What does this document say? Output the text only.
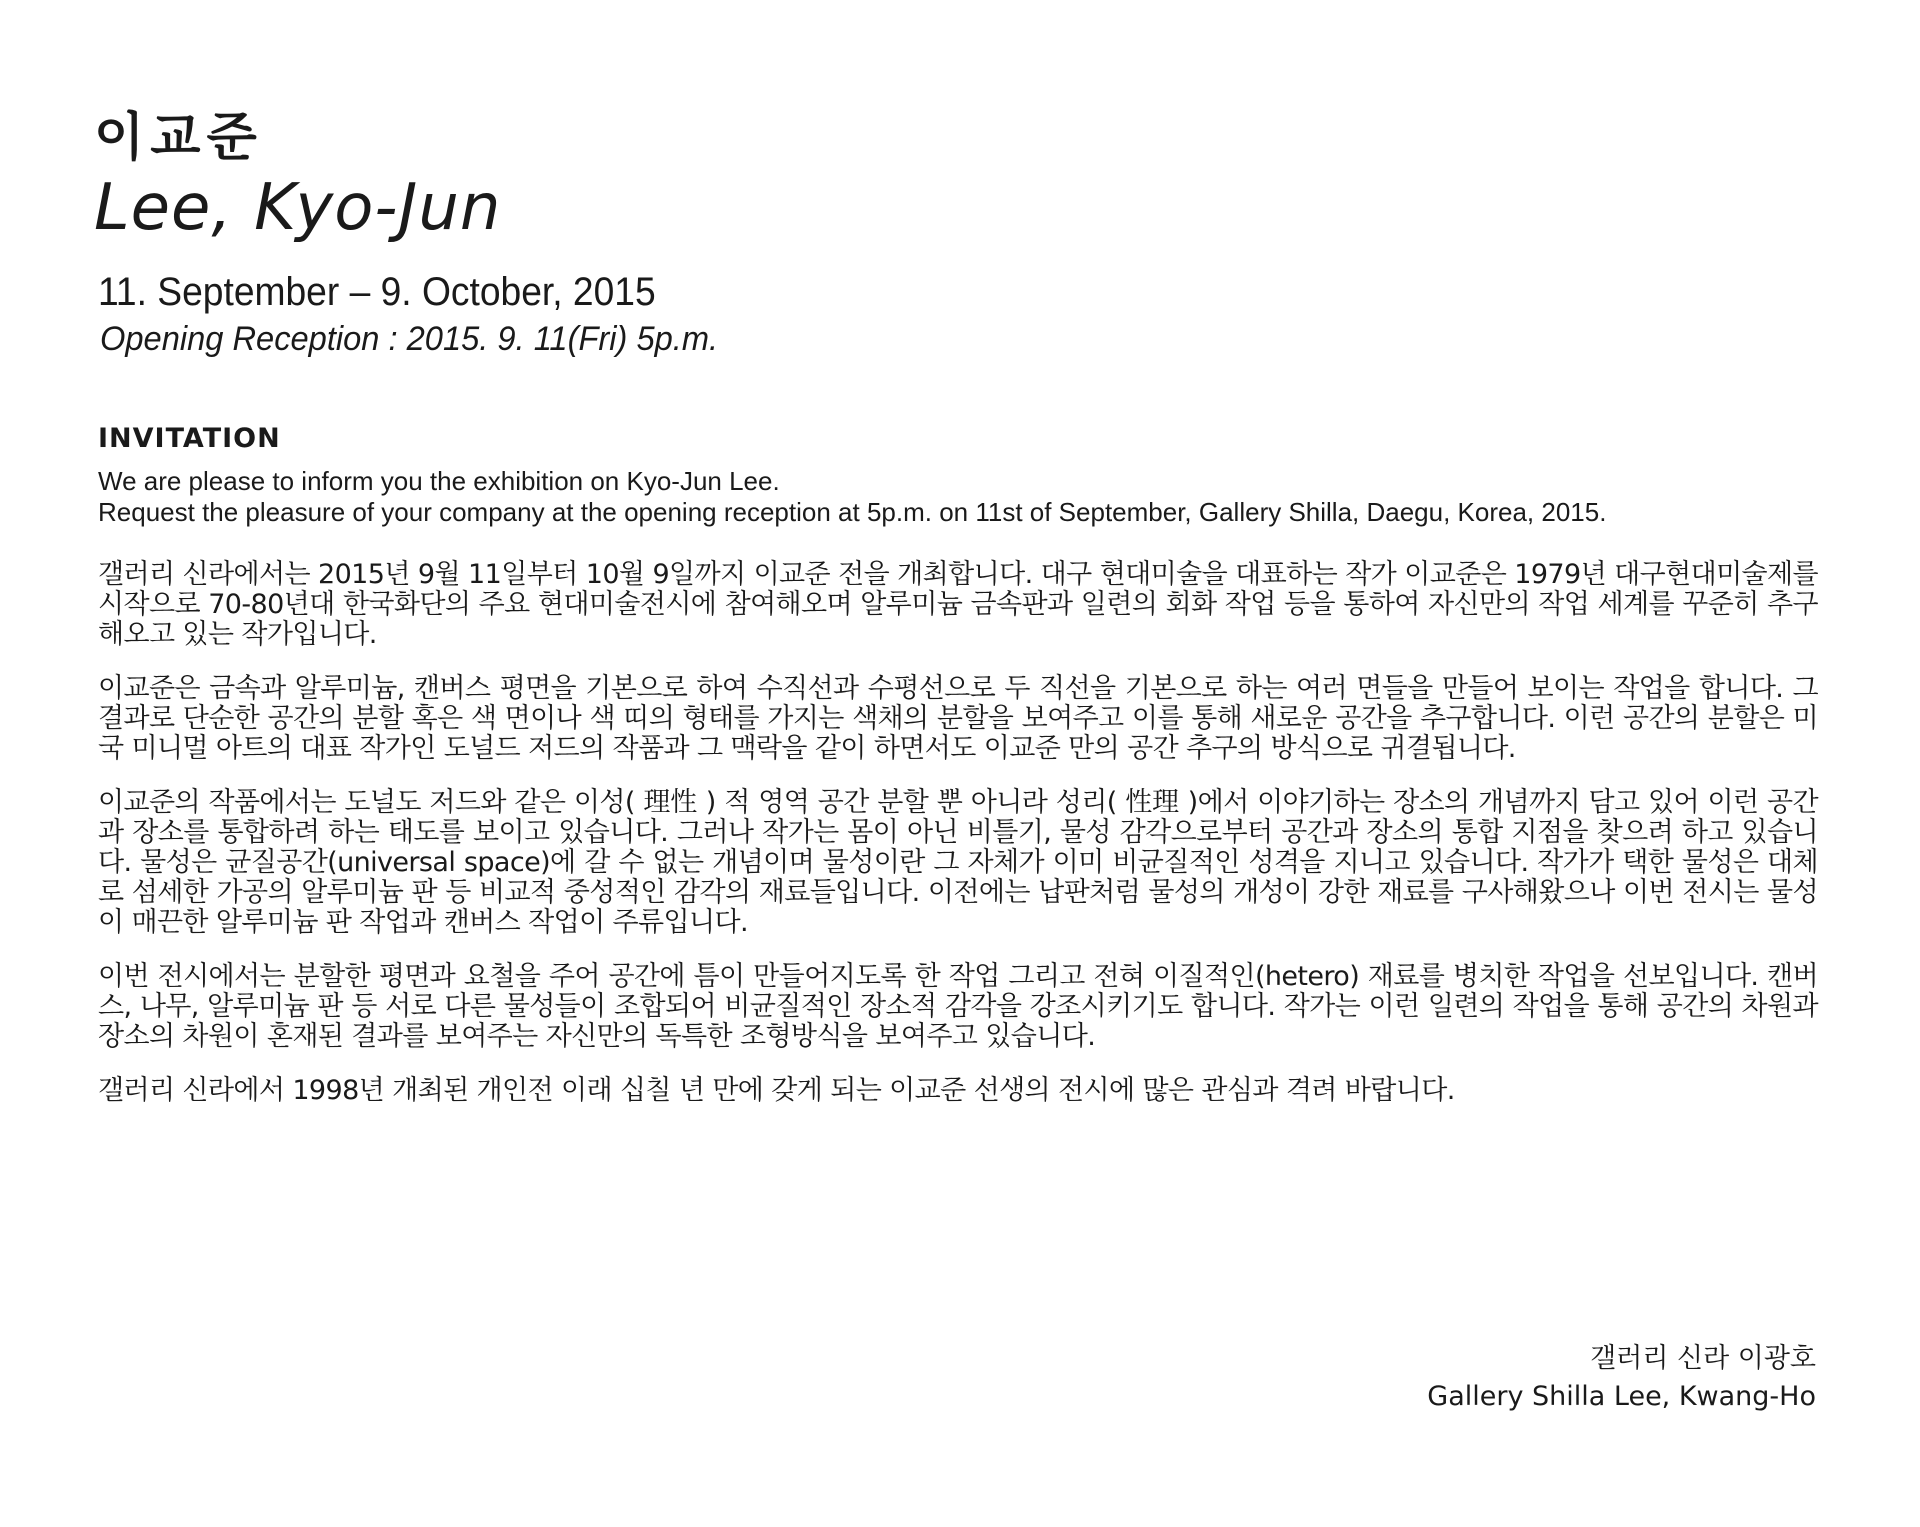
이교준
Lee, Kyo-Jun
11. September – 9. October, 2015
Opening Reception : 2015. 9. 11(Fri) 5p.m.
INVITATION
We are please to inform you the exhibition on Kyo-Jun Lee.
Request the pleasure of your company at the opening reception at 5p.m. on 11st of September, Gallery Shilla, Daegu, Korea, 2015.

갤러리 신라에서는 2015년 9월 11일부터 10월 9일까지 이교준 전을 개최합니다. 대구 현대미술을 대표하는 작가 이교준은 1979년 대구현대미술제를 시작으로 70-80년대 한국화단의 주요 현대미술전시에 참여해오며 알루미늄 금속판과 일련의 회화 작업 등을 통하여 자신만의 작업 세계를 꾸준히 추구해오고 있는 작가입니다.

이교준은 금속과 알루미늄, 캔버스 평면을 기본으로 하여 수직선과 수평선으로 두 직선을 기본으로 하는 여러 면들을 만들어 보이는 작업을 합니다. 그 결과로 단순한 공간의 분할 혹은 색 면이나 색 띠의 형태를 가지는 색채의 분할을 보여주고 이를 통해 새로운 공간을 추구합니다. 이런 공간의 분할은 미국 미니멀 아트의 대표 작가인 도널드 저드의 작품과 그 맥락을 같이 하면서도 이교준 만의 공간 추구의 방식으로 귀결됩니다.

이교준의 작품에서는 도널도 저드와 같은 이성( 理性 ) 적 영역 공간 분할 뿐 아니라 성리( 性理 )에서 이야기하는 장소의 개념까지 담고 있어 이런 공간과 장소를 통합하려 하는 태도를 보이고 있습니다. 그러나 작가는 몸이 아닌 비틀기, 물성 감각으로부터 공간과 장소의 통합 지점을 찾으려 하고 있습니다. 물성은 균질공간(universal space)에 갈 수 없는 개념이며 물성이란 그 자체가 이미 비균질적인 성격을 지니고 있습니다. 작가가 택한 물성은 대체로 섬세한 가공의 알루미늄 판 등 비교적 중성적인 감각의 재료들입니다. 이전에는 납판처럼 물성의 개성이 강한 재료를 구사해왔으나 이번 전시는 물성이 매끈한 알루미늄 판 작업과 캔버스 작업이 주류입니다.

이번 전시에서는 분할한 평면과 요철을 주어 공간에 틈이 만들어지도록 한 작업 그리고 전혀 이질적인(hetero) 재료를 병치한 작업을 선보입니다. 캔버스, 나무, 알루미늄 판 등 서로 다른 물성들이 조합되어 비균질적인 장소적 감각을 강조시키기도 합니다. 작가는 이런 일련의 작업을 통해 공간의 차원과 장소의 차원이 혼재된 결과를 보여주는 자신만의 독특한 조형방식을 보여주고 있습니다.

갤러리 신라에서 1998년 개최된 개인전 이래 십칠 년 만에 갖게 되는 이교준 선생의 전시에 많은 관심과 격려 바랍니다.

갤러리 신라 이광호
Gallery Shilla Lee, Kwang-Ho
